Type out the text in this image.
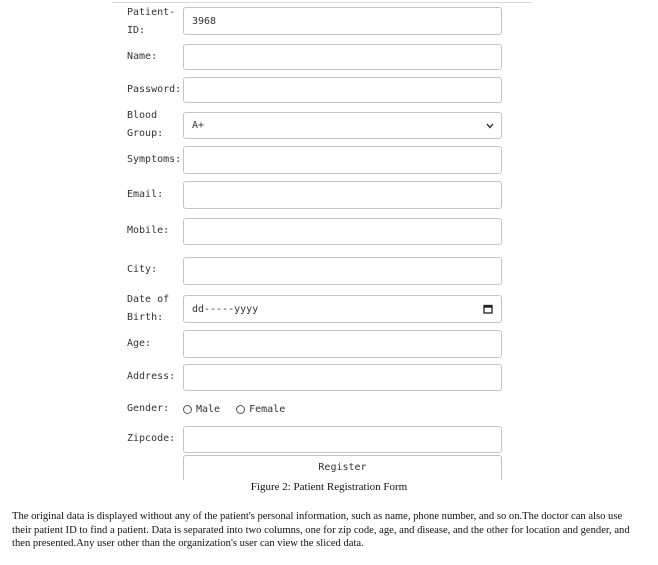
Patient-ID:
3968
Name:
Password:
Blood Group:
A+
Symptoms:
Email:
Mobile:
City:
Date of Birth:
dd-----yyyy
Age:
Address:
Gender:	Male	Female
Zipcode:
Register
Figure 2: Patient Registration Form

The original data is displayed without any of the patient's personal information, such as name, phone number, and so on.The doctor can also use their patient ID to find a patient. Data is separated into two columns, one for zip code, age, and disease, and the other for location and gender, and then presented.Any user other than the organization's user can view the sliced data.
